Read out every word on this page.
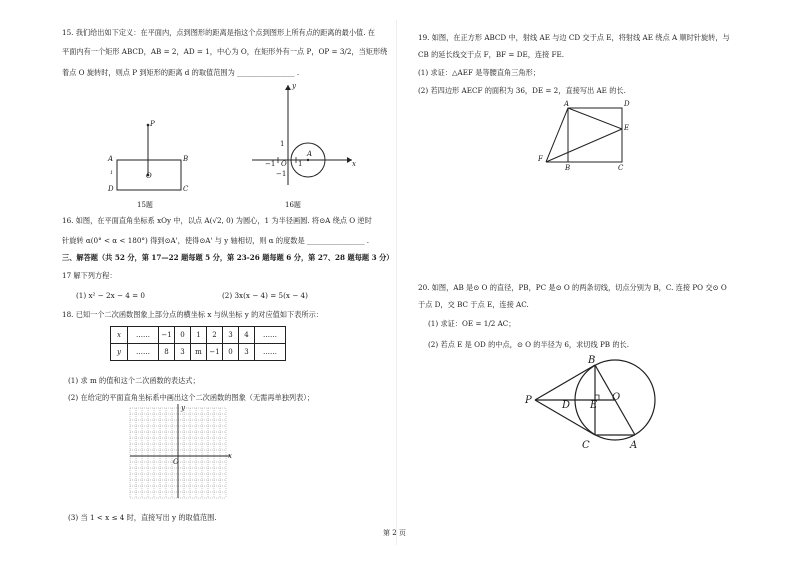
15. 我们给出如下定义：在平面内，点到图形的距离是指这个点到图形上所有点的距离的最小值. 在
平面内有一个矩形 ABCD，AB = 2，AD = 1，中心为 O，在矩形外有一点 P，OP = 3/2，当矩形绕
着点 O 旋转时，则点 P 到矩形的距离 d 的取值范围为 ________________ .
P
A	B
C
D
O
1
15题
y
x
A
O
1
−1
−1	1
16题
16. 如图，在平面直角坐标系 xOy 中，以点 A(√2, 0) 为圆心，1 为半径画圆. 将⊙A 绕点 O 逆时
针旋转 α(0° < α < 180°) 得到⊙A'，使得⊙A' 与 y 轴相切，则 α 的度数是 ________________ .
三、解答题（共 52 分，第 17—22 题每题 5 分，第 23-26 题每题 6 分，第 27、28 题每题 3 分）
17 解下列方程：
(1) x² − 2x − 4 = 0	(2) 3x(x − 4) = 5(x − 4)
18. 已知一个二次函数图象上部分点的横坐标 x 与纵坐标 y 的对应值如下表所示：
x	……	−1	0	1	2	3	4	……
y	……	8	3	m	−1	0	3	……
(1) 求 m 的值和这个二次函数的表达式；
(2) 在给定的平面直角坐标系中画出这个二次函数的图象（无需再单独列表）；
y
x
O
(3) 当 1 < x ≤ 4 时，直接写出 y 的取值范围.
19. 如图，在正方形 ABCD 中，射线 AE 与边 CD 交于点 E，将射线 AE 绕点 A 顺时针旋转，与
CB 的延长线交于点 F，BF = DE，连接 FE.
(1) 求证：△AEF 是等腰直角三角形；
(2) 若四边形 AECF 的面积为 36，DE = 2，直接写出 AE 的长.
A	D
E
F
B	C
20. 如图，AB 是⊙ O 的直径，PB，PC 是⊙ O 的两条切线，切点分别为 B，C. 连接 PO 交⊙ O
于点 D，交 BC 于点 E，连接 AC.
(1) 求证：OE = 1/2 AC；
(2) 若点 E 是 OD 的中点，⊙ O 的半径为 6，求切线 PB 的长.
P
B
D E
O
C	A
第 2 页
